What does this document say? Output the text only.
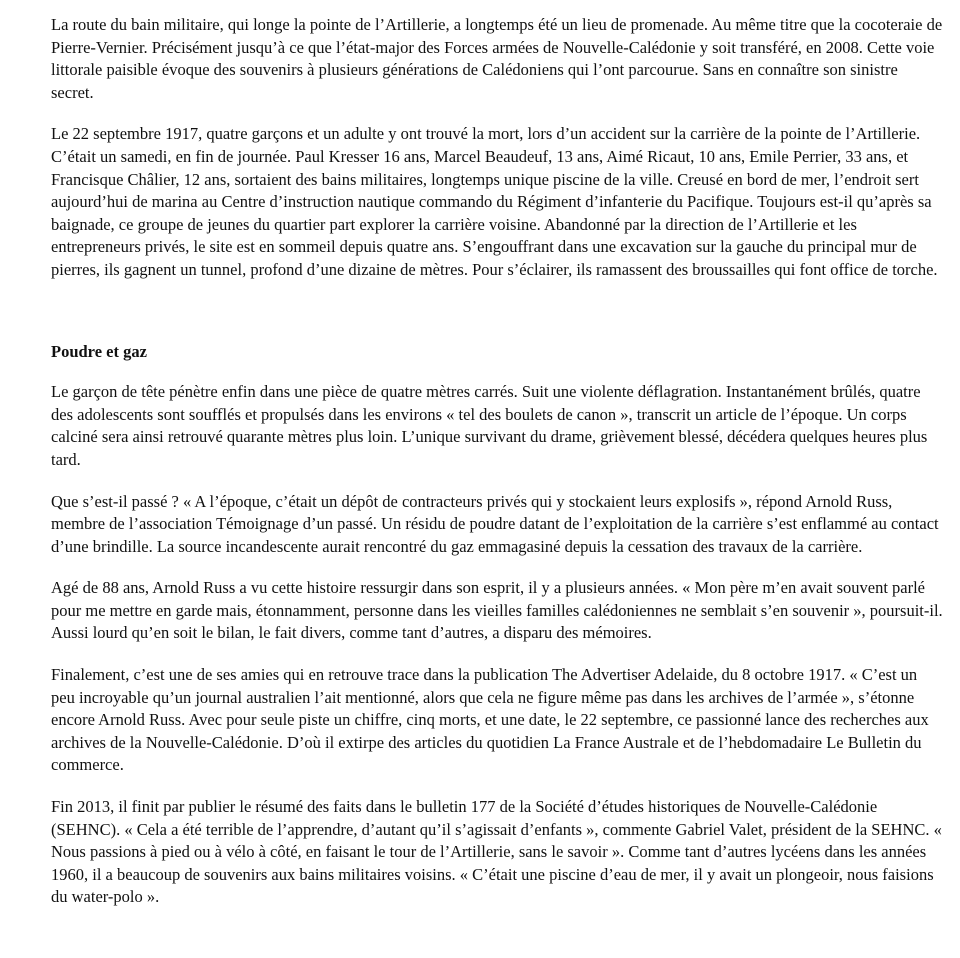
La route du bain militaire, qui longe la pointe de l’Artillerie, a longtemps été un lieu de promenade. Au même titre que la cocoteraie de Pierre-Vernier. Précisément jusqu’à ce que l’état-major des Forces armées de Nouvelle-Calédonie y soit transféré, en 2008. Cette voie littorale paisible évoque des souvenirs à plusieurs générations de Calédoniens qui l’ont parcourue. Sans en connaître son sinistre secret.

Le 22 septembre 1917, quatre garçons et un adulte y ont trouvé la mort, lors d’un accident sur la carrière de la pointe de l’Artillerie. C’était un samedi, en fin de journée. Paul Kresser 16 ans, Marcel Beaudeuf, 13 ans, Aimé Ricaut, 10 ans, Emile Perrier, 33 ans, et Francisque Châlier, 12 ans, sortaient des bains militaires, longtemps unique piscine de la ville. Creusé en bord de mer, l’endroit sert aujourd’hui de marina au Centre d’instruction nautique commando du Régiment d’infanterie du Pacifique. Toujours est-il qu’après sa baignade, ce groupe de jeunes du quartier part explorer la carrière voisine. Abandonné par la direction de l’Artillerie et les entrepreneurs privés, le site est en sommeil depuis quatre ans. S’engouffrant dans une excavation sur la gauche du principal mur de pierres, ils gagnent un tunnel, profond d’une dizaine de mètres. Pour s’éclairer, ils ramassent des broussailles qui font office de torche.

Poudre et gaz

Le garçon de tête pénètre enfin dans une pièce de quatre mètres carrés. Suit une violente déflagration. Instantanément brûlés, quatre des adolescents sont soufflés et propulsés dans les environs « tel des boulets de canon », transcrit un article de l’époque. Un corps calciné sera ainsi retrouvé quarante mètres plus loin. L’unique survivant du drame, grièvement blessé, décédera quelques heures plus tard.

Que s’est-il passé ? « A l’époque, c’était un dépôt de contracteurs privés qui y stockaient leurs explosifs », répond Arnold Russ, membre de l’association Témoignage d’un passé. Un résidu de poudre datant de l’exploitation de la carrière s’est enflammé au contact d’une brindille. La source incandescente aurait rencontré du gaz emmagasiné depuis la cessation des travaux de la carrière.

Agé de 88 ans, Arnold Russ a vu cette histoire ressurgir dans son esprit, il y a plusieurs années. « Mon père m’en avait souvent parlé pour me mettre en garde mais, étonnamment, personne dans les vieilles familles calédoniennes ne semblait s’en souvenir », poursuit-il. Aussi lourd qu’en soit le bilan, le fait divers, comme tant d’autres, a disparu des mémoires.

Finalement, c’est une de ses amies qui en retrouve trace dans la publication The Advertiser Adelaide, du 8 octobre 1917. « C’est un peu incroyable qu’un journal australien l’ait mentionné, alors que cela ne figure même pas dans les archives de l’armée », s’étonne encore Arnold Russ. Avec pour seule piste un chiffre, cinq morts, et une date, le 22 septembre, ce passionné lance des recherches aux archives de la Nouvelle-Calédonie. D’où il extirpe des articles du quotidien La France Australe et de l’hebdomadaire Le Bulletin du commerce.

Fin 2013, il finit par publier le résumé des faits dans le bulletin 177 de la Société d’études historiques de Nouvelle-Calédonie (SEHNC). « Cela a été terrible de l’apprendre, d’autant qu’il s’agissait d’enfants », commente Gabriel Valet, président de la SEHNC. « Nous passions à pied ou à vélo à côté, en faisant le tour de l’Artillerie, sans le savoir ». Comme tant d’autres lycéens dans les années 1960, il a beaucoup de souvenirs aux bains militaires voisins. « C’était une piscine d’eau de mer, il y avait un plongeoir, nous faisions du water-polo ».
